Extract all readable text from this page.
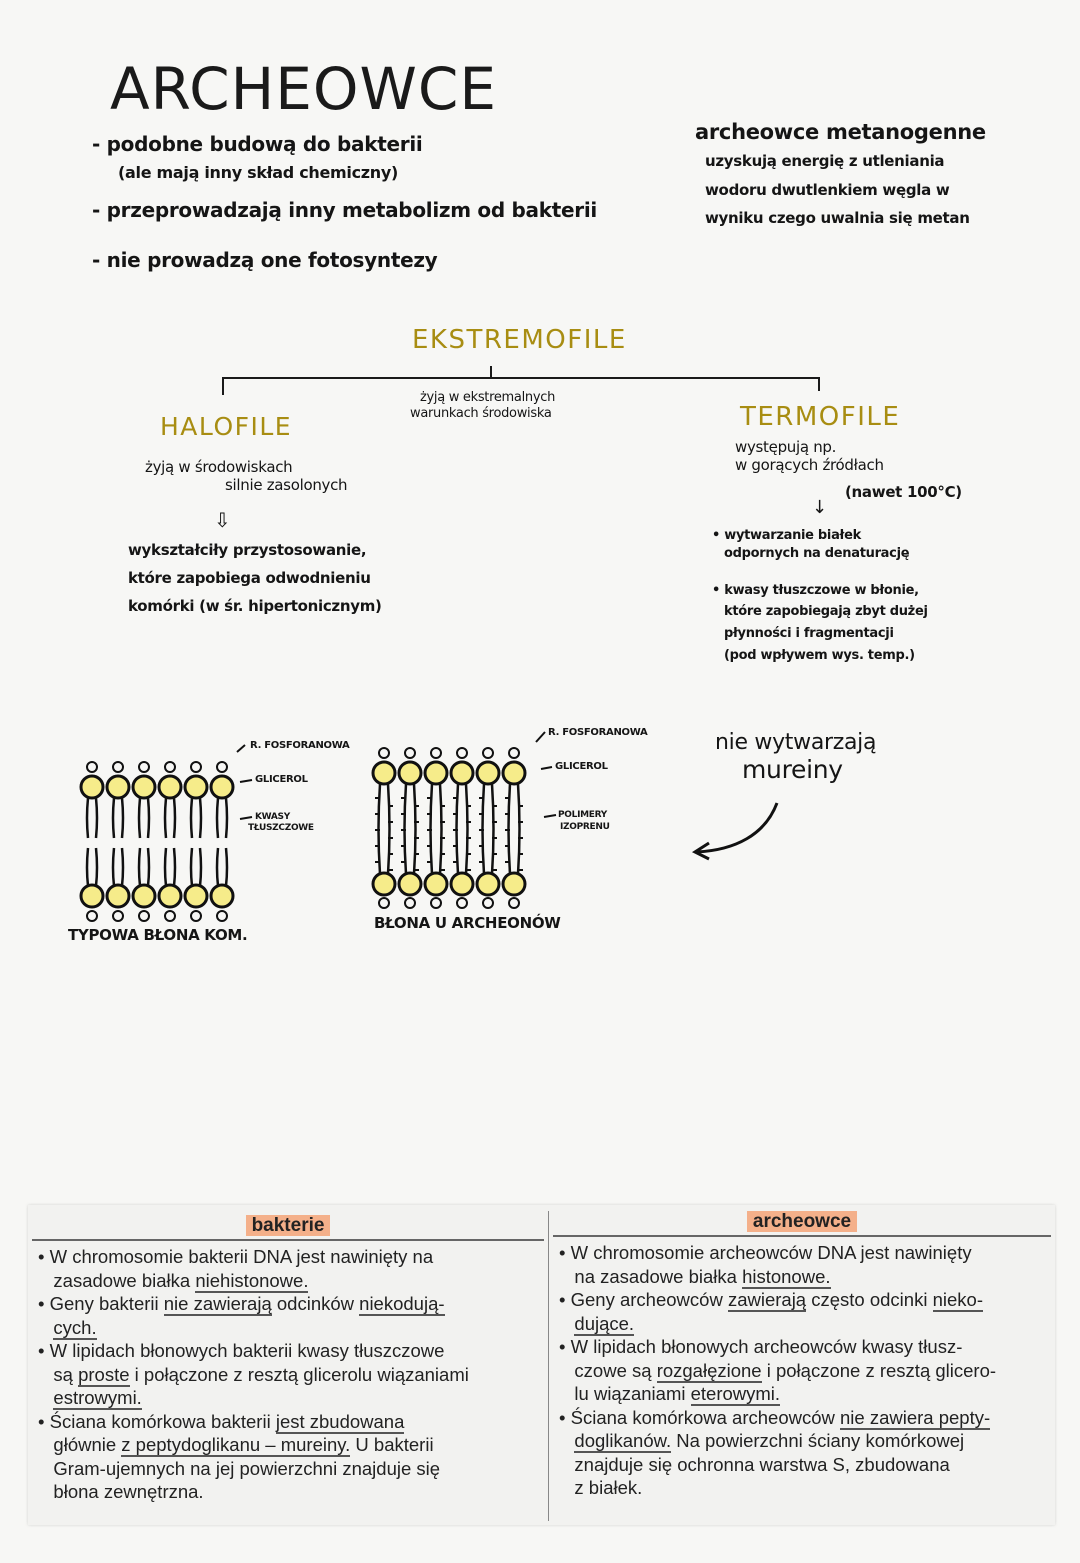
ARCHEOWCE
- podobne budową do bakterii
(ale mają inny skład chemiczny)
- przeprowadzają inny metabolizm od bakterii
- nie prowadzą one fotosyntezy
archeowce metanogenne
uzyskują energię z utleniania
wodoru dwutlenkiem węgla w
wyniku czego uwalnia się metan
EKSTREMOFILE
żyją w ekstremalnych
warunkach środowiska
HALOFILE
żyją w środowiskach
silnie zasolonych
⇩
wykształciły przystosowanie,
które zapobiega odwodnieniu
komórki (w śr. hipertonicznym)
TERMOFILE
występują np.
w gorących źródłach
(nawet 100°C)
↓
• wytwarzanie białek
odpornych na denaturację
• kwasy tłuszczowe w błonie,
które zapobiegają zbyt dużej
płynności i fragmentacji
(pod wpływem wys. temp.)
R. FOSFORANOWA
GLICEROL
KWASY
TŁUSZCZOWE
TYPOWA BŁONA KOM.
R. FOSFORANOWA
GLICEROL
POLIMERY
IZOPRENU
BŁONA U ARCHEONÓW
nie wytwarzają
mureiny
bakterie
• W chromosomie bakterii DNA jest nawinięty na
zasadowe białka niehistonowe.
• Geny bakterii nie zawierają odcinków niekodują-
cych.
• W lipidach błonowych bakterii kwasy tłuszczowe
są proste i połączone z resztą glicerolu wiązaniami
estrowymi.
• Ściana komórkowa bakterii jest zbudowana
głównie z peptydoglikanu – mureiny. U bakterii
Gram-ujemnych na jej powierzchni znajduje się
błona zewnętrzna.
archeowce
• W chromosomie archeowców DNA jest nawinięty
na zasadowe białka histonowe.
• Geny archeowców zawierają często odcinki nieko-
dujące.
• W lipidach błonowych archeowców kwasy tłusz-
czowe są rozgałęzione i połączone z resztą glicero-
lu wiązaniami eterowymi.
• Ściana komórkowa archeowców nie zawiera pepty-
doglikanów. Na powierzchni ściany komórkowej
znajduje się ochronna warstwa S, zbudowana
z białek.
